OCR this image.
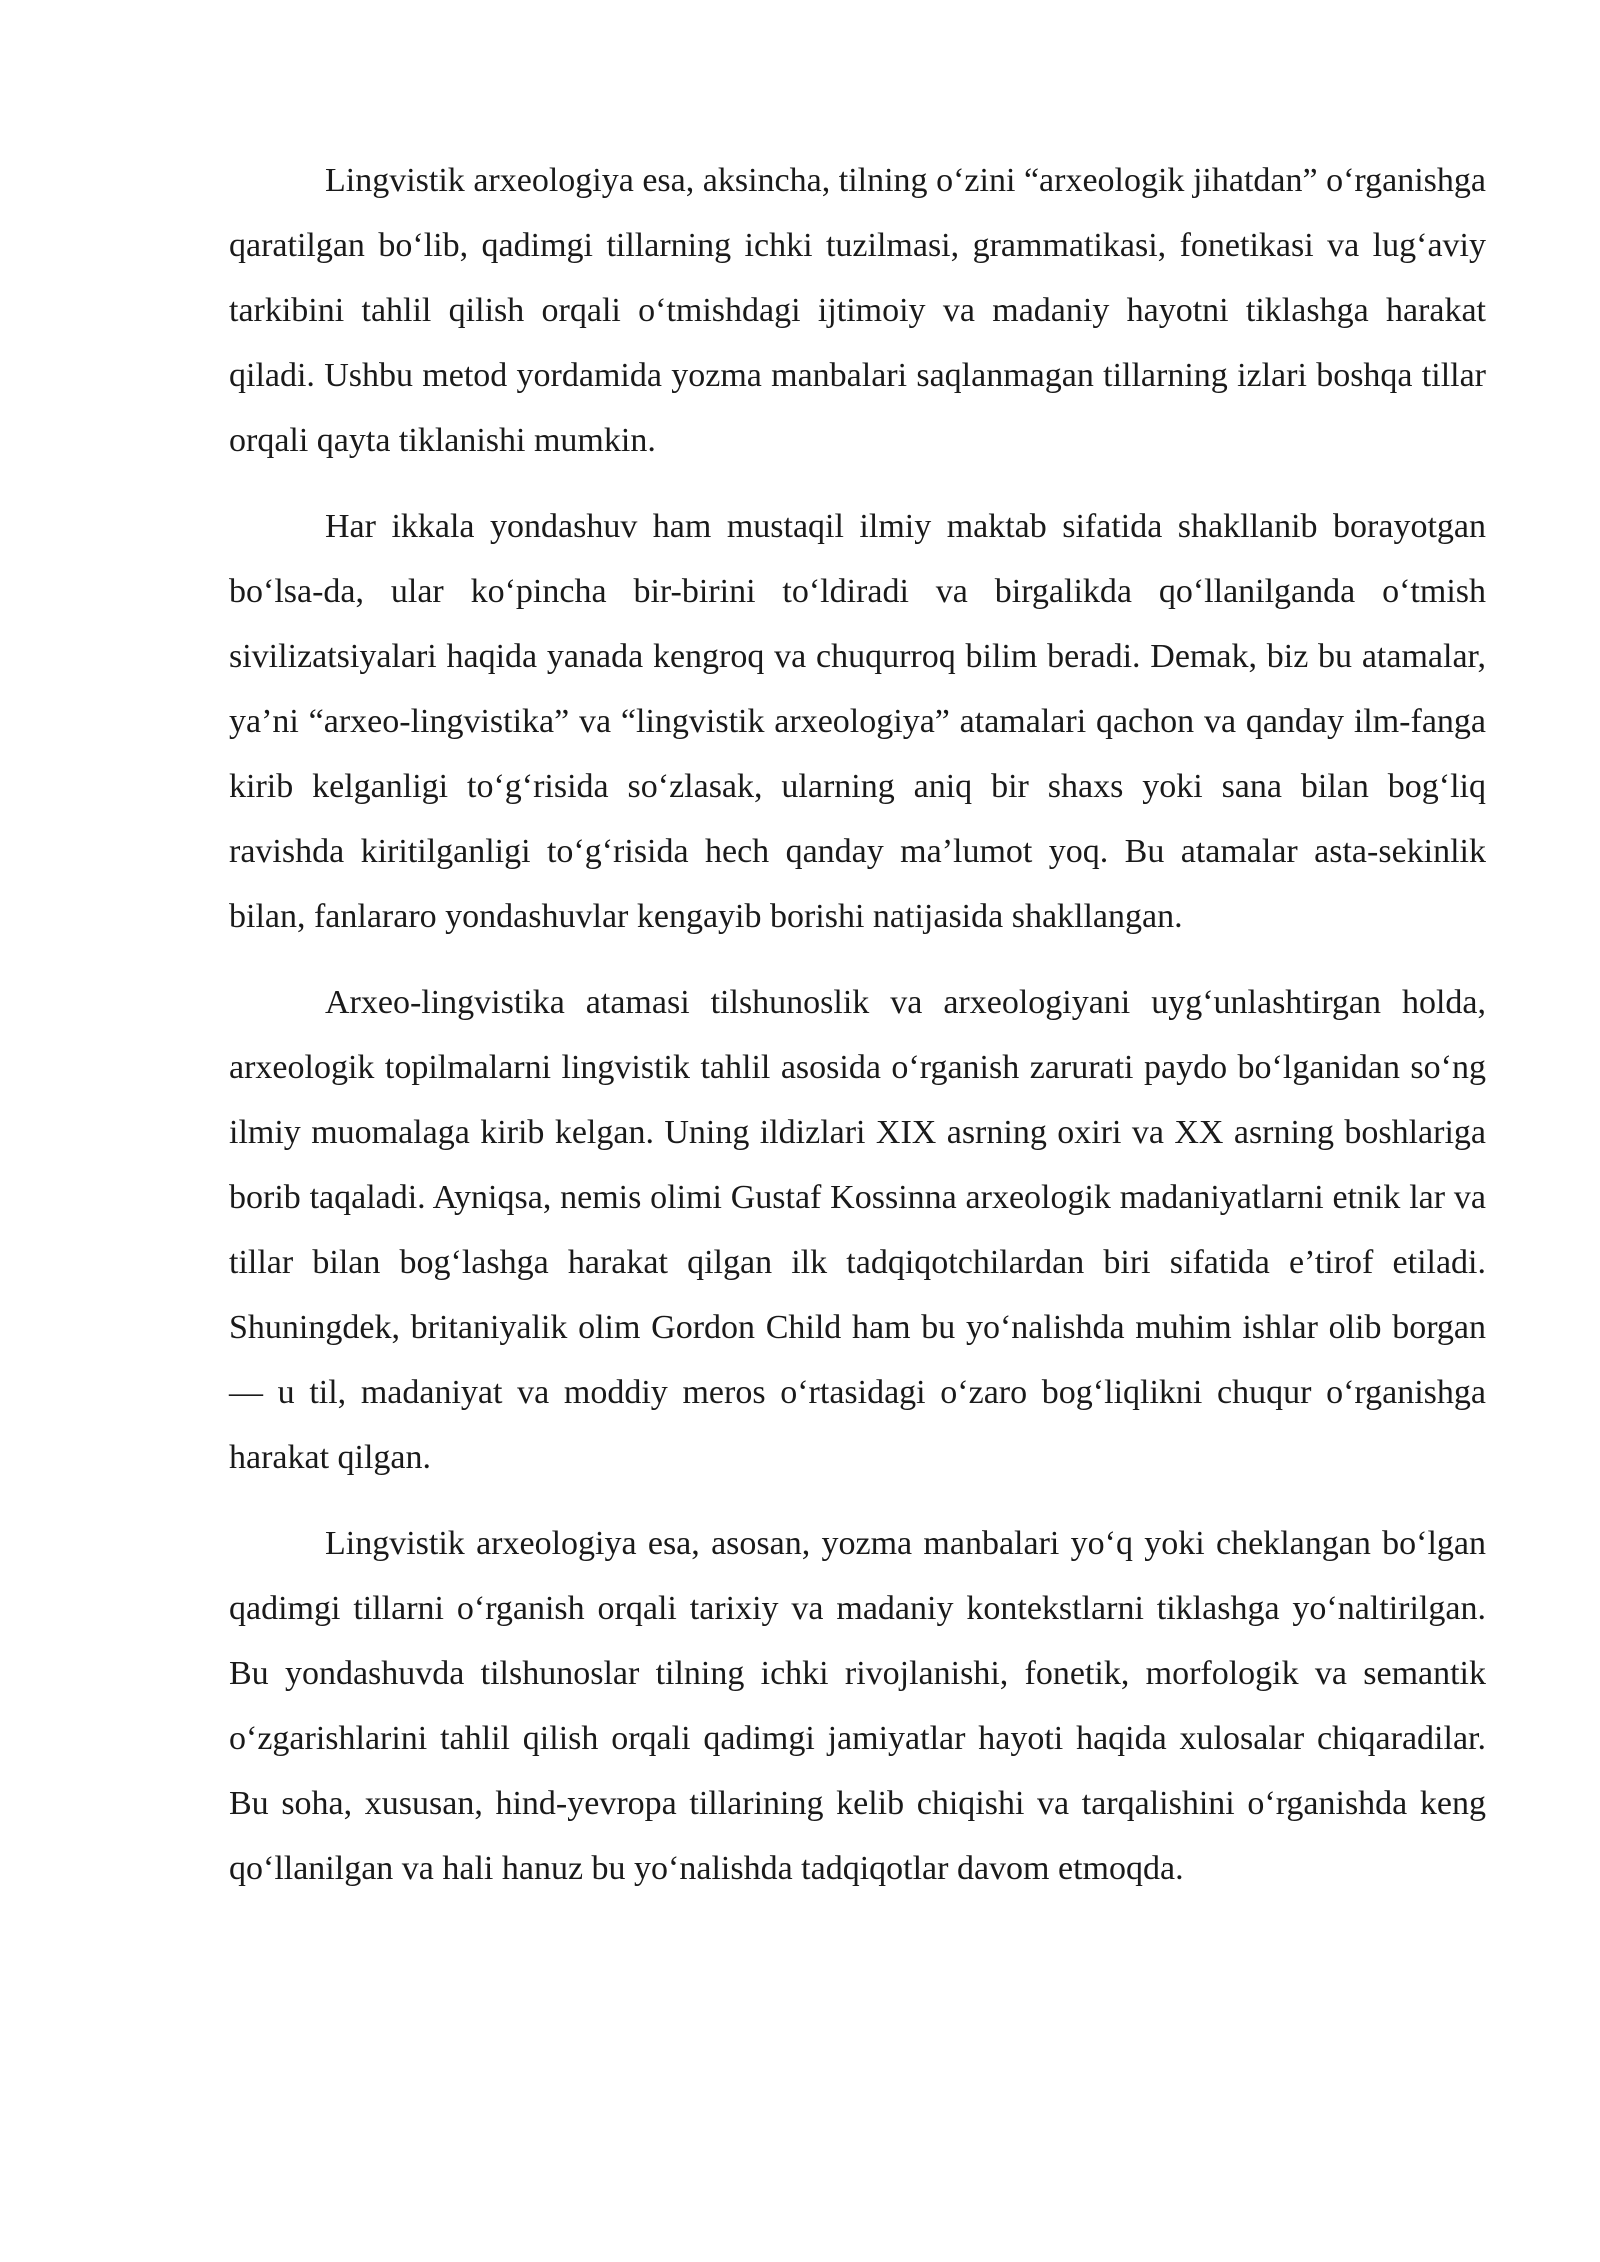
Lingvistik arxeologiya esa, aksincha, tilning o‘zini “arxeologik jihatdan” o‘rganishga qaratilgan bo‘lib, qadimgi tillarning ichki tuzilmasi, grammatikasi, fonetikasi va lug‘aviy tarkibini tahlil qilish orqali o‘tmishdagi ijtimoiy va madaniy hayotni tiklashga harakat qiladi. Ushbu metod yordamida yozma manbalari saqlanmagan tillarning izlari boshqa tillar orqali qayta tiklanishi mumkin.

Har ikkala yondashuv ham mustaqil ilmiy maktab sifatida shakllanib borayotgan bo‘lsa-da, ular ko‘pincha bir-birini to‘ldiradi va birgalikda qo‘llanilganda o‘tmish sivilizatsiyalari haqida yanada kengroq va chuqurroq bilim beradi. Demak, biz bu atamalar, ya’ni “arxeo-lingvistika” va “lingvistik arxeologiya” atamalari qachon va qanday ilm-fanga kirib kelganligi to‘g‘risida so‘zlasak, ularning aniq bir shaxs yoki sana bilan bog‘liq ravishda kiritilganligi to‘g‘risida hech qanday ma’lumot yoq. Bu atamalar asta-sekinlik bilan, fanlararo yondashuvlar kengayib borishi natijasida shakllangan.

Arxeo-lingvistika atamasi tilshunoslik va arxeologiyani uyg‘unlashtirgan holda, arxeologik topilmalarni lingvistik tahlil asosida o‘rganish zarurati paydo bo‘lganidan so‘ng ilmiy muomalaga kirib kelgan. Uning ildizlari XIX asrning oxiri va XX asrning boshlariga borib taqaladi. Ayniqsa, nemis olimi Gustaf Kossinna arxeologik madaniyatlarni etnik lar va tillar bilan bog‘lashga harakat qilgan ilk tadqiqotchilardan biri sifatida e’tirof etiladi. Shuningdek, britaniyalik olim Gordon Child ham bu yo‘nalishda muhim ishlar olib borgan — u til, madaniyat va moddiy meros o‘rtasidagi o‘zaro bog‘liqlikni chuqur o‘rganishga harakat qilgan.

Lingvistik arxeologiya esa, asosan, yozma manbalari yo‘q yoki cheklangan bo‘lgan qadimgi tillarni o‘rganish orqali tarixiy va madaniy kontekstlarni tiklashga yo‘naltirilgan. Bu yondashuvda tilshunoslar tilning ichki rivojlanishi, fonetik, morfologik va semantik o‘zgarishlarini tahlil qilish orqali qadimgi jamiyatlar hayoti haqida xulosalar chiqaradilar. Bu soha, xususan, hind-yevropa tillarining kelib chiqishi va tarqalishini o‘rganishda keng qo‘llanilgan va hali hanuz bu yo‘nalishda tadqiqotlar davom etmoqda.
